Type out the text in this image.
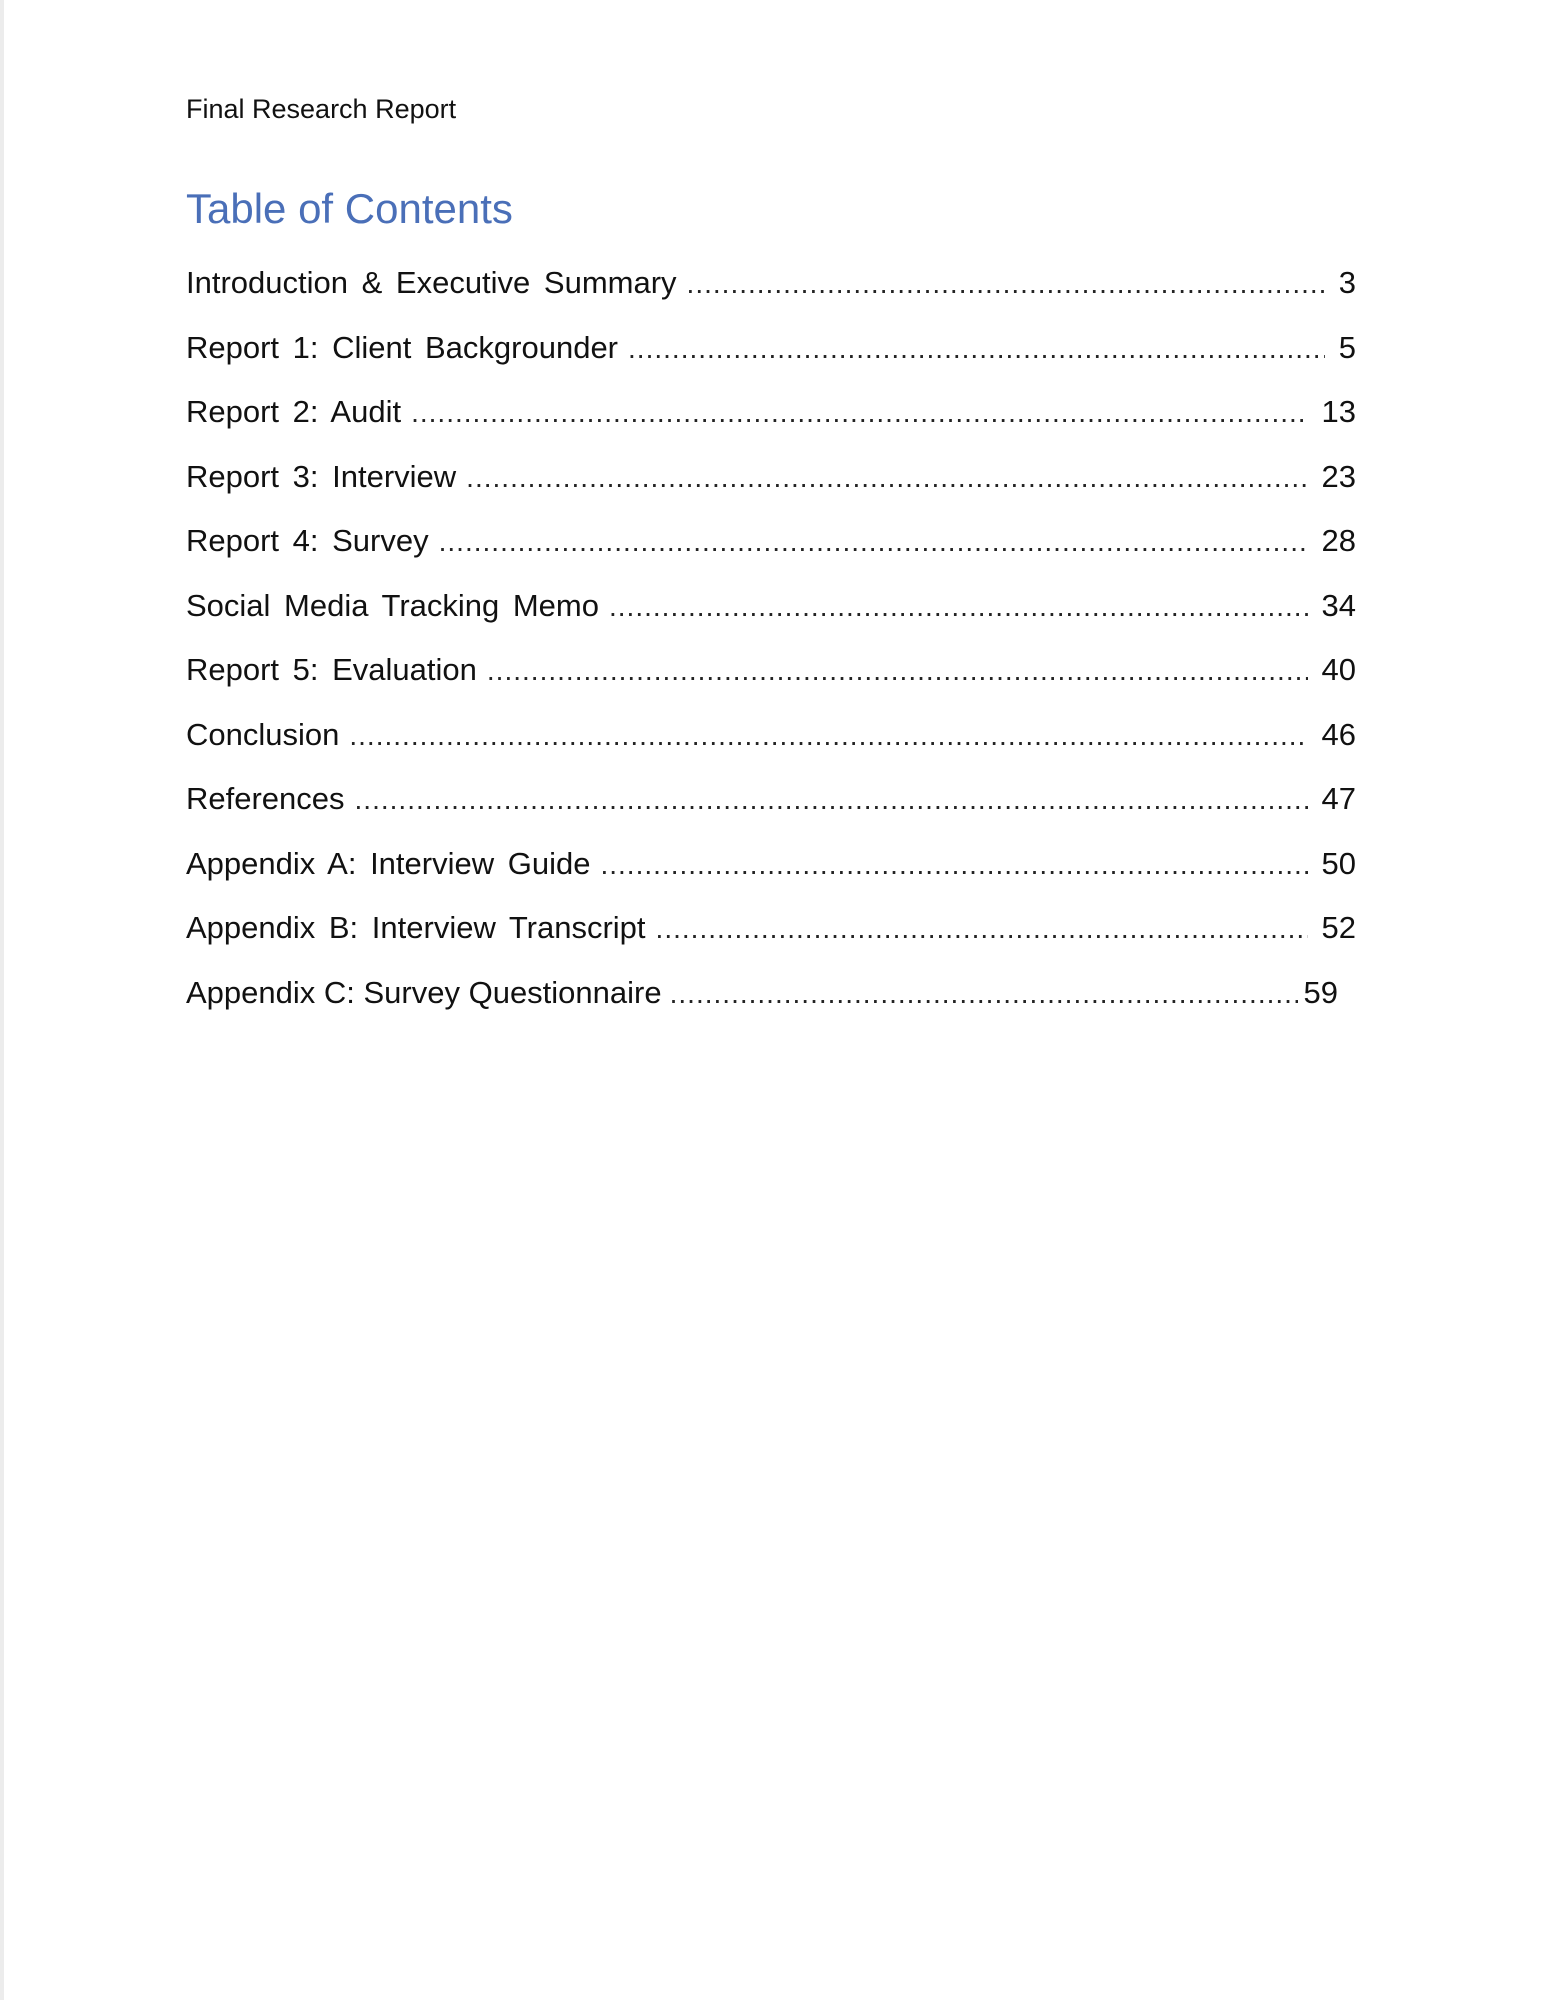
Final Research Report
Table of Contents
Introduction & Executive Summary .....	3
Report 1: Client Backgrounder .....	5
Report 2: Audit .....	13
Report 3: Interview .....	23
Report 4: Survey .....	28
Social Media Tracking Memo .....	34
Report 5: Evaluation .....	40
Conclusion .....	46
References .....	47
Appendix A: Interview Guide .....	50
Appendix B: Interview Transcript .....	52
Appendix C: Survey Questionnaire .....	59
